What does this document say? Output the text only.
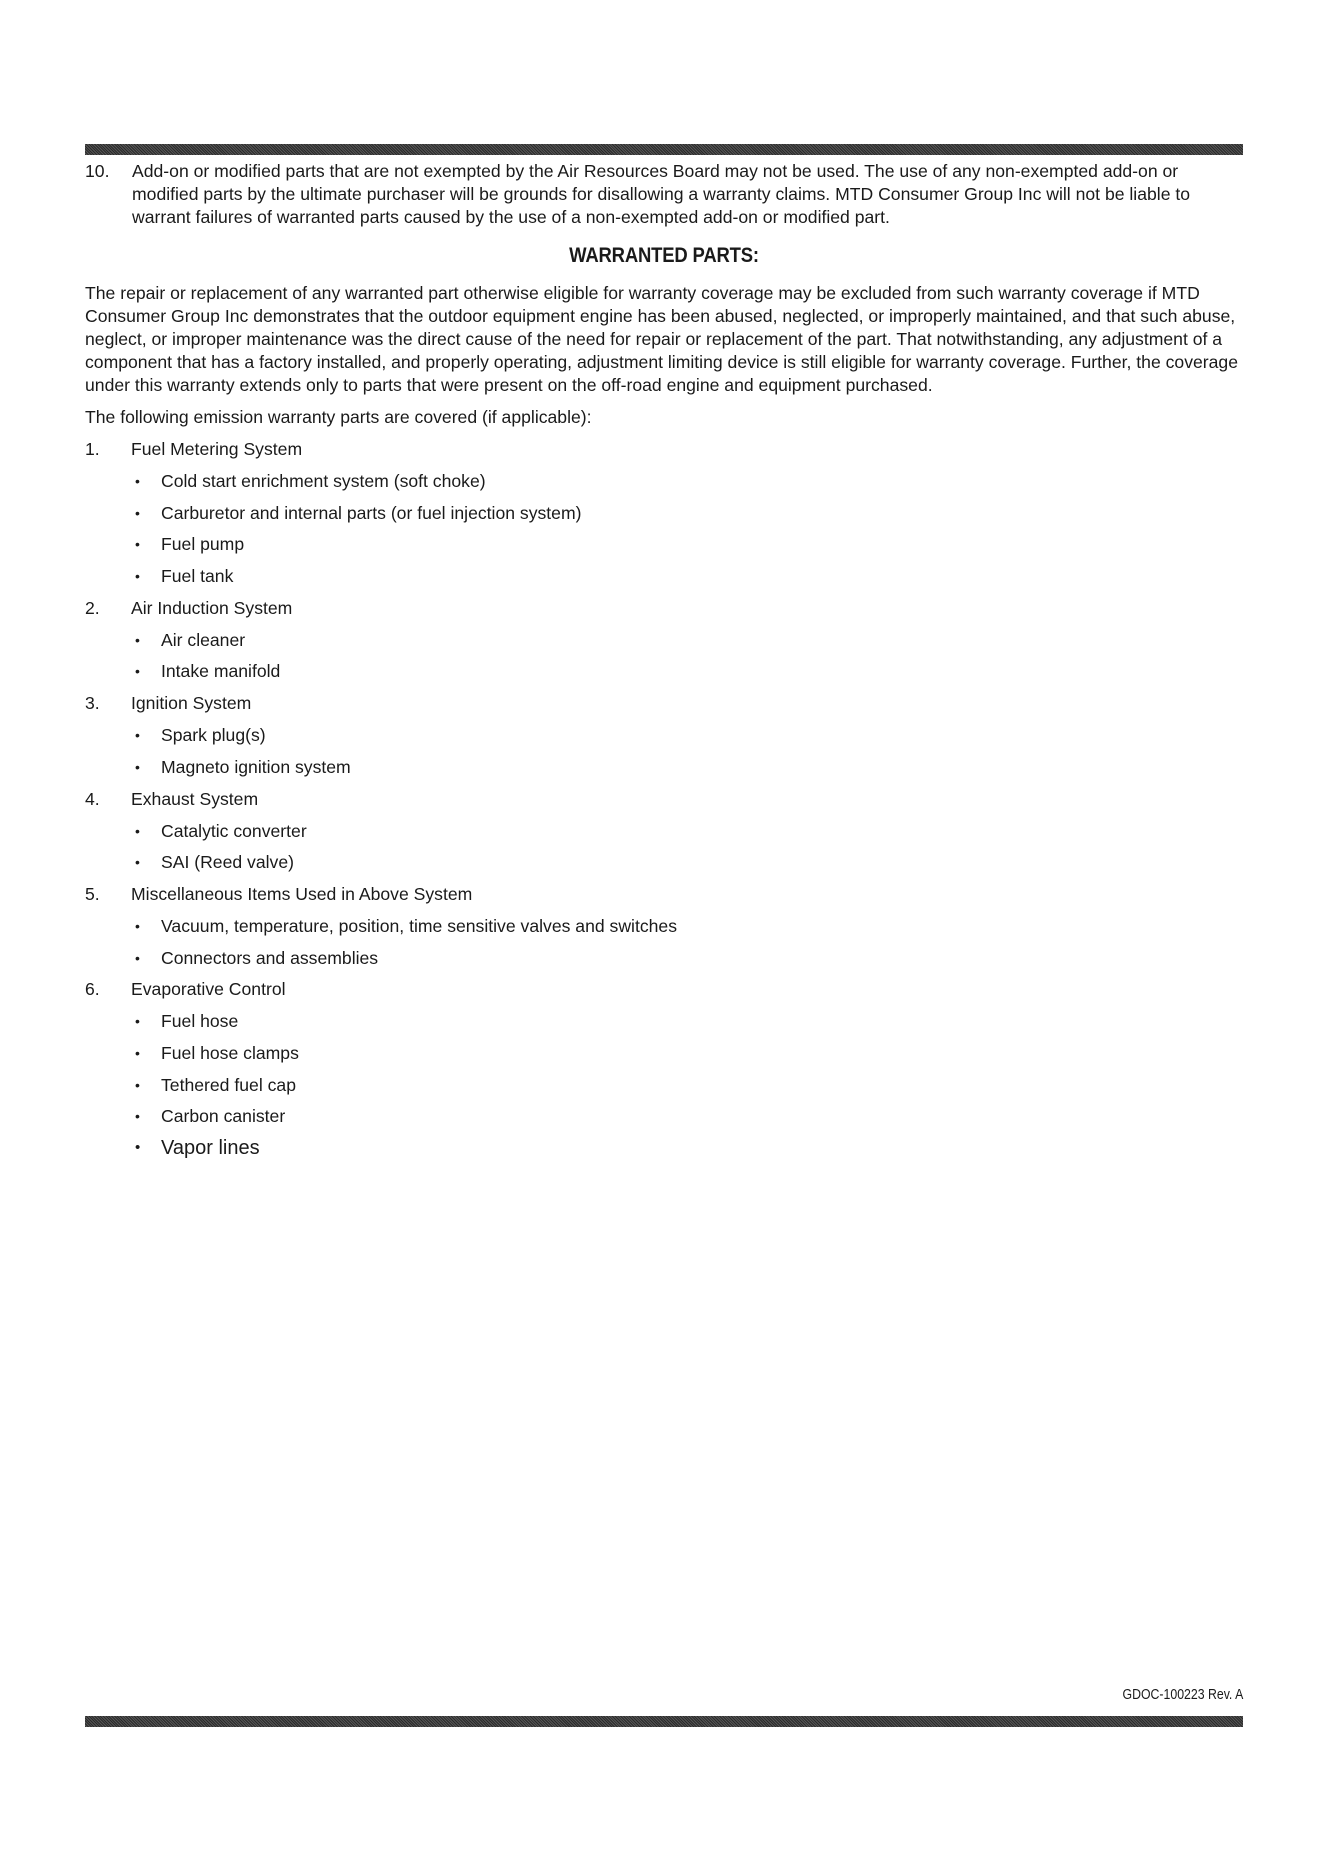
10. Add-on or modified parts that are not exempted by the Air Resources Board may not be used. The use of any non-exempted add-on or modified parts by the ultimate purchaser will be grounds for disallowing a warranty claims. MTD Consumer Group Inc will not be liable to warrant failures of warranted parts caused by the use of a non-exempted add-on or modified part.
WARRANTED PARTS:
The repair or replacement of any warranted part otherwise eligible for warranty coverage may be excluded from such warranty coverage if MTD Consumer Group Inc demonstrates that the outdoor equipment engine has been abused, neglected, or improperly maintained, and that such abuse, neglect, or improper maintenance was the direct cause of the need for repair or replacement of the part. That notwithstanding, any adjustment of a component that has a factory installed, and properly operating, adjustment limiting device is still eligible for warranty coverage. Further, the coverage under this warranty extends only to parts that were present on the off-road engine and equipment purchased.
The following emission warranty parts are covered (if applicable):
1. Fuel Metering System
• Cold start enrichment system (soft choke)
• Carburetor and internal parts (or fuel injection system)
• Fuel pump
• Fuel tank
2. Air Induction System
• Air cleaner
• Intake manifold
3. Ignition System
• Spark plug(s)
• Magneto ignition system
4. Exhaust System
• Catalytic converter
• SAI (Reed valve)
5. Miscellaneous Items Used in Above System
• Vacuum, temperature, position, time sensitive valves and switches
• Connectors and assemblies
6. Evaporative Control
• Fuel hose
• Fuel hose clamps
• Tethered fuel cap
• Carbon canister
• Vapor lines
GDOC-100223 Rev. A
